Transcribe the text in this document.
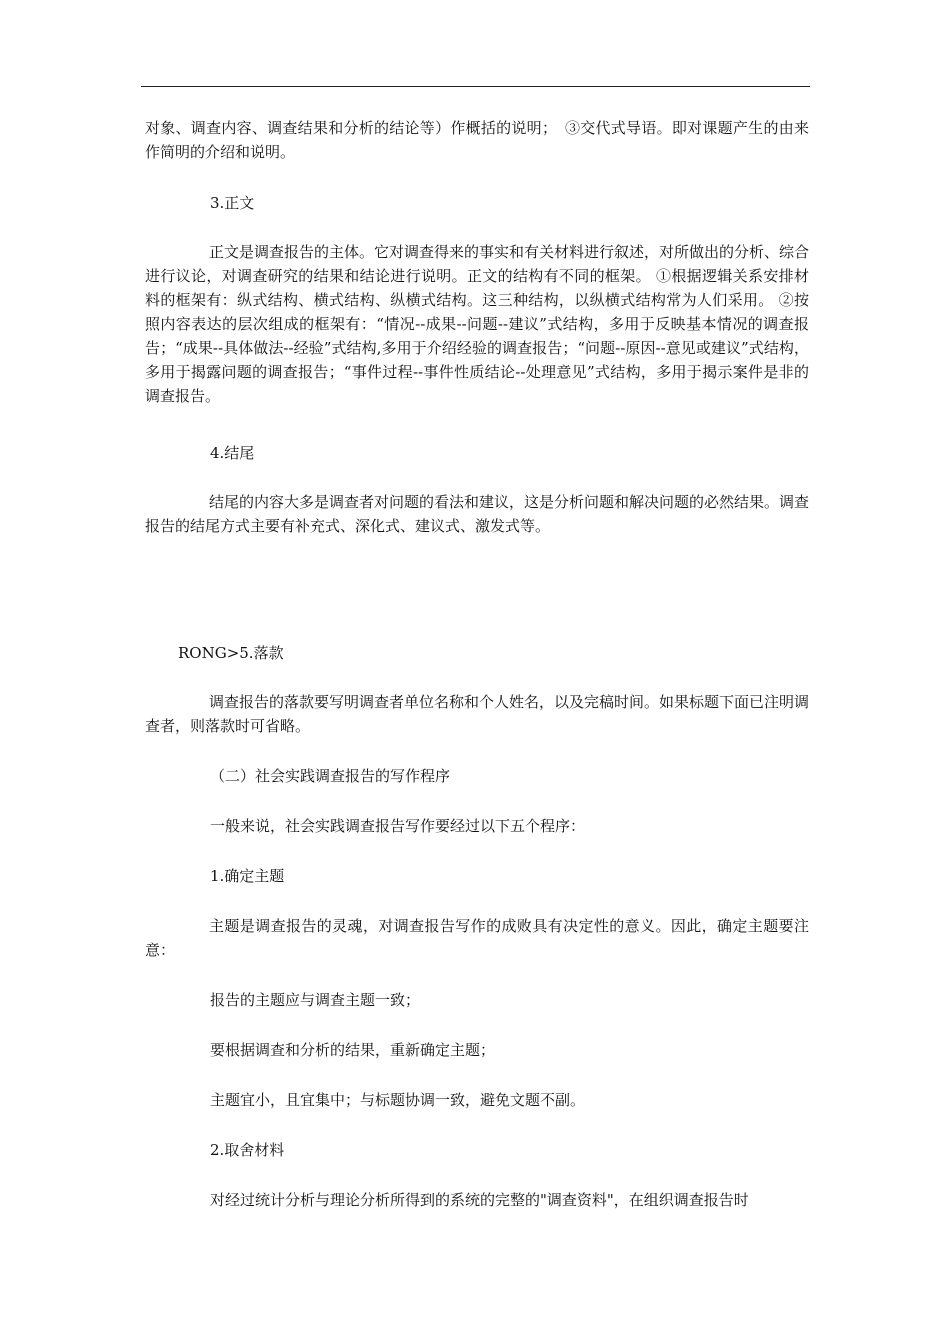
对象、调查内容、调查结果和分析的结论等）作概括的说明；　③交代式导语。即对课题产生的由来作简明的介绍和说明。

3.正文

正文是调查报告的主体。它对调查得来的事实和有关材料进行叙述，对所做出的分析、综合进行议论，对调查研究的结果和结论进行说明。正文的结构有不同的框架。 ①根据逻辑关系安排材料的框架有：纵式结构、横式结构、纵横式结构。这三种结构，以纵横式结构常为人们采用。 ②按照内容表达的层次组成的框架有：“情况--成果--问题--建议”式结构，多用于反映基本情况的调查报告；“成果--具体做法--经验”式结构,多用于介绍经验的调查报告；“问题--原因--意见或建议”式结构，多用于揭露问题的调查报告；“事件过程--事件性质结论--处理意见”式结构，多用于揭示案件是非的调查报告。

4.结尾

结尾的内容大多是调查者对问题的看法和建议，这是分析问题和解决问题的必然结果。调查报告的结尾方式主要有补充式、深化式、建议式、激发式等。

RONG>5.落款

调查报告的落款要写明调查者单位名称和个人姓名，以及完稿时间。如果标题下面已注明调查者，则落款时可省略。

（二）社会实践调查报告的写作程序

一般来说，社会实践调查报告写作要经过以下五个程序：

1.确定主题

主题是调查报告的灵魂，对调查报告写作的成败具有决定性的意义。因此，确定主题要注意：

报告的主题应与调查主题一致；

要根据调查和分析的结果，重新确定主题；

主题宜小，且宜集中；与标题协调一致，避免文题不副。

2.取舍材料

对经过统计分析与理论分析所得到的系统的完整的"调查资料"，在组织调查报告时
